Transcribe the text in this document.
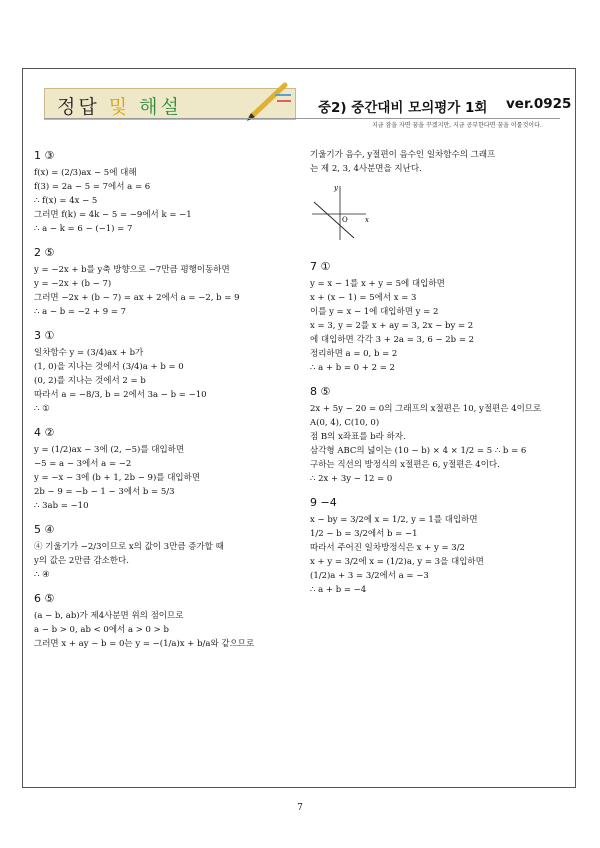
정답 및 해설	중2) 중간대비 모의평가 1회 ver.0925
지금 잠을 자면 꿈을 꾸겠지만, 지금 공부한다면 꿈을 이룰것이다.
1 ③
f(x) = (2/3)ax − 5에 대해
f(3) = 2a − 5 = 7에서 a = 6
∴ f(x) = 4x − 5
그러면 f(k) = 4k − 5 = −9에서 k = −1
∴ a − k = 6 − (−1) = 7
2 ⑤
y = −2x + b를 y축 방향으로 −7만큼 평행이동하면
y = −2x + (b − 7)
그러면 −2x + (b − 7) = ax + 2에서 a = −2, b = 9
∴ a − b = −2 + 9 = 7
3 ①
일차함수 y = (3/4)ax + b가
(1, 0)을 지나는 것에서 (3/4)a + b = 0
(0, 2)를 지나는 것에서 2 = b
따라서 a = −8/3, b = 2에서 3a − b = −10
∴ ①
4 ②
y = (1/2)ax − 3에 (2, −5)를 대입하면
−5 = a − 3에서 a = −2
y = −x − 3에 (b + 1, 2b − 9)를 대입하면
2b − 9 = −b − 1 − 3에서 b = 5/3
∴ 3ab = −10
5 ④
④ 기울기가 −2/3이므로 x의 값이 3만큼 증가할 때
y의 값은 2만큼 감소한다.
∴ ④
6 ⑤
(a − b, ab)가 제4사분면 위의 점이므로
a − b > 0, ab < 0에서 a > 0 > b
그러면 x + ay − b = 0는 y = −(1/a)x + b/a와 같으므로
기울기가 음수, y절편이 음수인 일차함수의 그래프
는 제 2, 3, 4사분면을 지난다.
y
x
O
7 ①
y = x − 1를 x + y = 5에 대입하면
x + (x − 1) = 5에서 x = 3
이를 y = x − 1에 대입하면 y = 2
x = 3, y = 2를 x + ay = 3, 2x − by = 2
에 대입하면 각각 3 + 2a = 3, 6 − 2b = 2
정리하면 a = 0, b = 2
∴ a + b = 0 + 2 = 2
8 ⑤
2x + 5y − 20 = 0의 그래프의 x절편은 10, y절편은 4이므로
A(0, 4), C(10, 0)
점 B의 x좌표를 b라 하자.
삼각형 ABC의 넓이는 (10 − b) × 4 × 1/2 = 5 ∴ b = 6
구하는 직선의 방정식의 x절편은 6, y절편은 4이다.
∴ 2x + 3y − 12 = 0
9 −4
x − by = 3/2에 x = 1/2, y = 1를 대입하면
1/2 − b = 3/2에서 b = −1
따라서 주어진 일차방정식은 x + y = 3/2
x + y = 3/2에 x = (1/2)a, y = 3을 대입하면
(1/2)a + 3 = 3/2에서 a = −3
∴ a + b = −4
7
